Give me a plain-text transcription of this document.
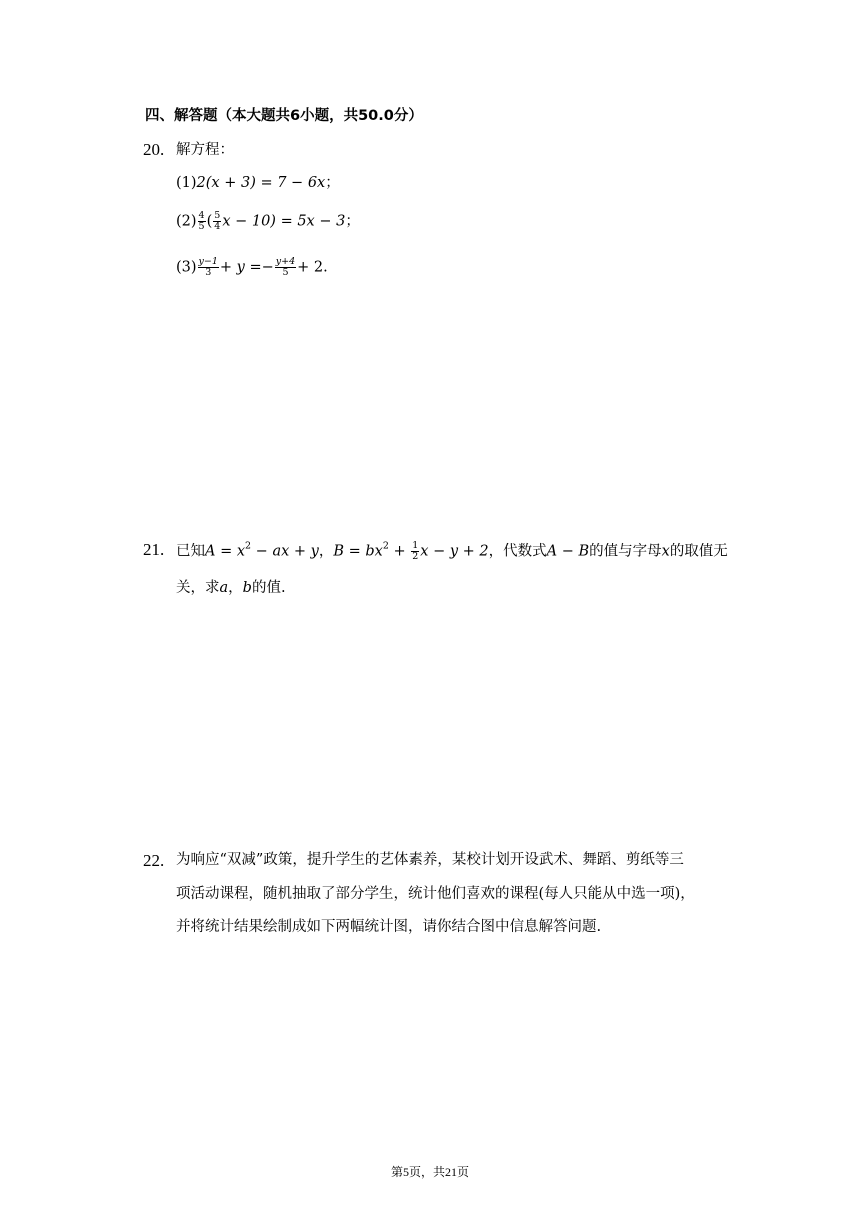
四、解答题（本大题共6小题，共50.0分）
20. 解方程：
(1)2(x + 3) = 7 − 6x；
$(2) \frac{4}{5}$ ( $\frac{5}{4}$ x − 10) = 5x − 3；
$(3) \frac{y-1}{3} + y =- \frac{y+4}{5} + 2$.
21. 已知$A = x^2$ − ax + y，$B = bx^2 + \frac{1}{2}$ x − y + 2，代数式A − B的值与字母x的取值无
关，求a，b的值.
22. 为响应“双减”政策，提升学生的艺体素养，某校计划开设武术、舞蹈、剪纸等三
项活动课程，随机抽取了部分学生，统计他们喜欢的课程(每人只能从中选一项)，
并将统计结果绘制成如下两幅统计图，请你结合图中信息解答问题.
第5页，共21页
